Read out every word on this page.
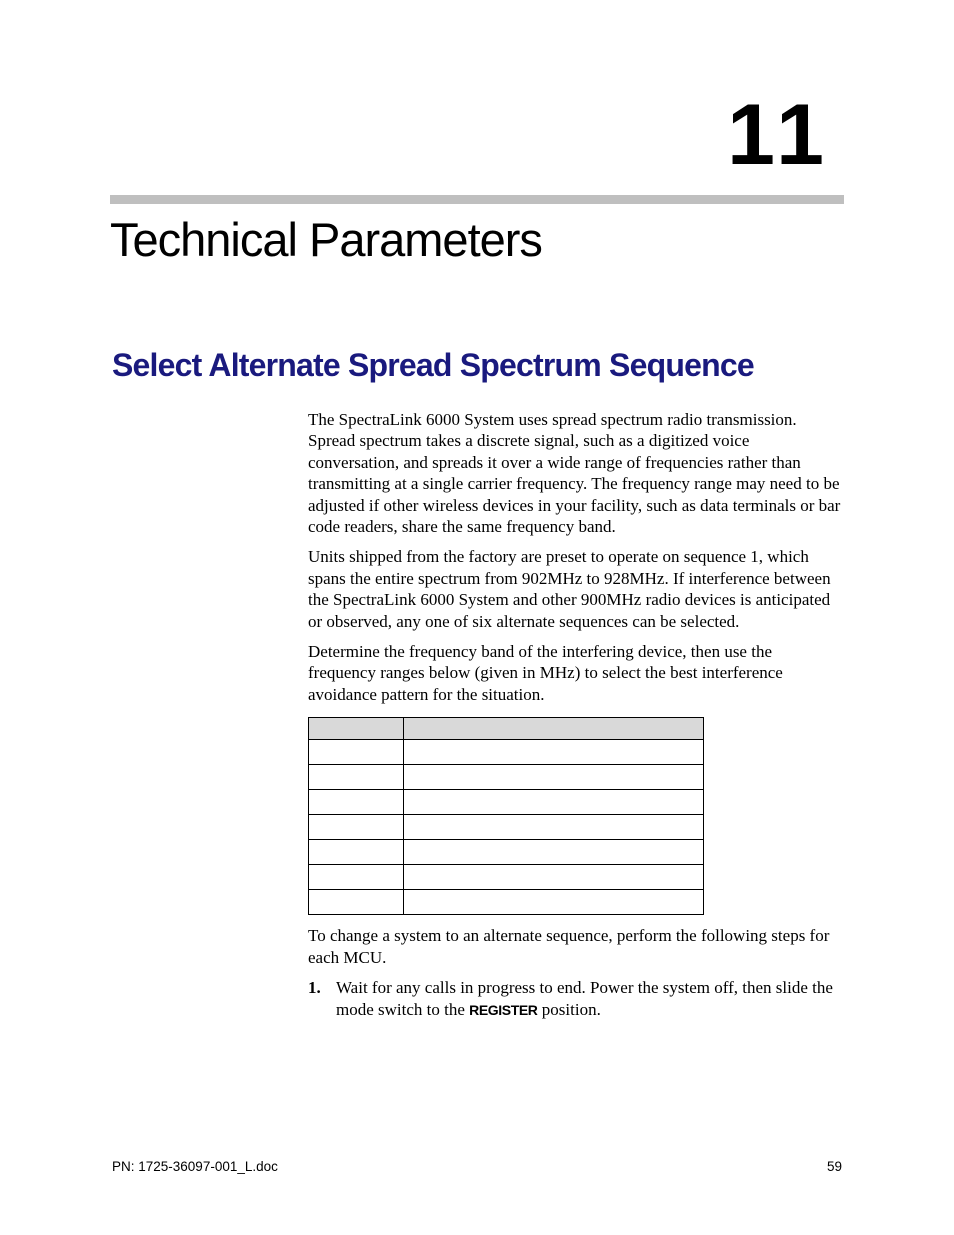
11
Technical Parameters
Select Alternate Spread Spectrum Sequence

The SpectraLink 6000 System uses spread spectrum radio transmission. Spread spectrum takes a discrete signal, such as a digitized voice conversation, and spreads it over a wide range of frequencies rather than transmitting at a single carrier frequency. The frequency range may need to be adjusted if other wireless devices in your facility, such as data terminals or bar code readers, share the same frequency band.

Units shipped from the factory are preset to operate on sequence 1, which spans the entire spectrum from 902MHz to 928MHz. If interference between the SpectraLink 6000 System and other 900MHz radio devices is anticipated or observed, any one of six alternate sequences can be selected.

Determine the frequency band of the interfering device, then use the frequency ranges below (given in MHz) to select the best interference avoidance pattern for the situation.

To change a system to an alternate sequence, perform the following steps for each MCU.

1. Wait for any calls in progress to end. Power the system off, then slide the mode switch to the REGISTER position.
PN: 1725-36097-001_L.doc	59
